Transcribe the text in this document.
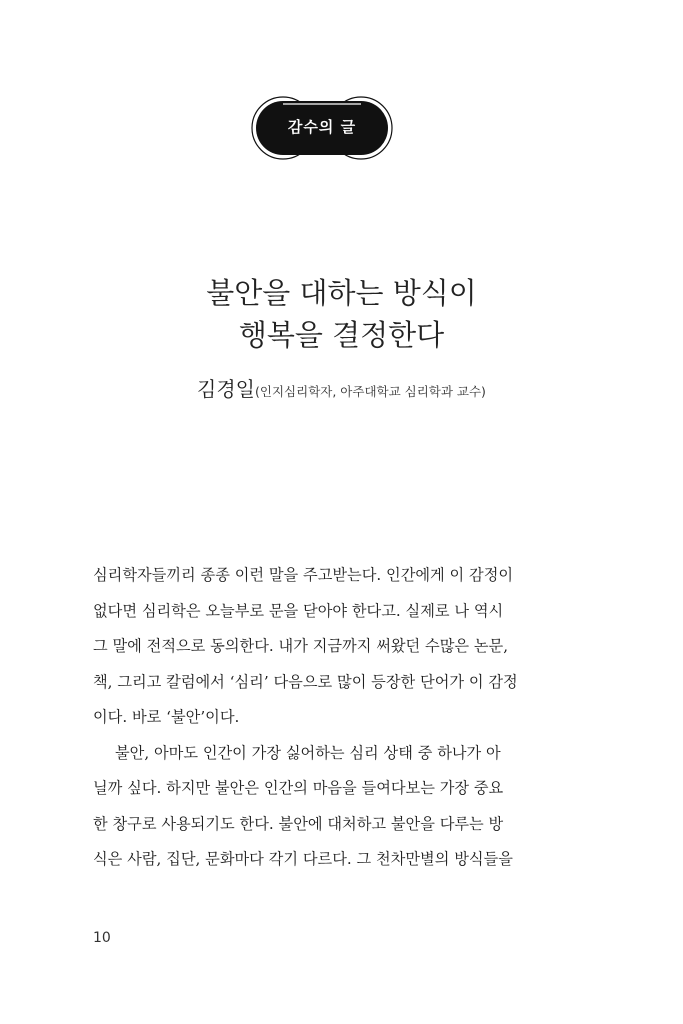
감수의 글
불안을 대하는 방식이
행복을 결정한다
김경일(인지심리학자, 아주대학교 심리학과 교수)

심리학자들끼리 종종 이런 말을 주고받는다. 인간에게 이 감정이
없다면 심리학은 오늘부로 문을 닫아야 한다고. 실제로 나 역시
그 말에 전적으로 동의한다. 내가 지금까지 써왔던 수많은 논문,
책, 그리고 칼럼에서 ‘심리’ 다음으로 많이 등장한 단어가 이 감정
이다. 바로 ‘불안’이다.

불안, 아마도 인간이 가장 싫어하는 심리 상태 중 하나가 아
닐까 싶다. 하지만 불안은 인간의 마음을 들여다보는 가장 중요
한 창구로 사용되기도 한다. 불안에 대처하고 불안을 다루는 방
식은 사람, 집단, 문화마다 각기 다르다. 그 천차만별의 방식들을

10
